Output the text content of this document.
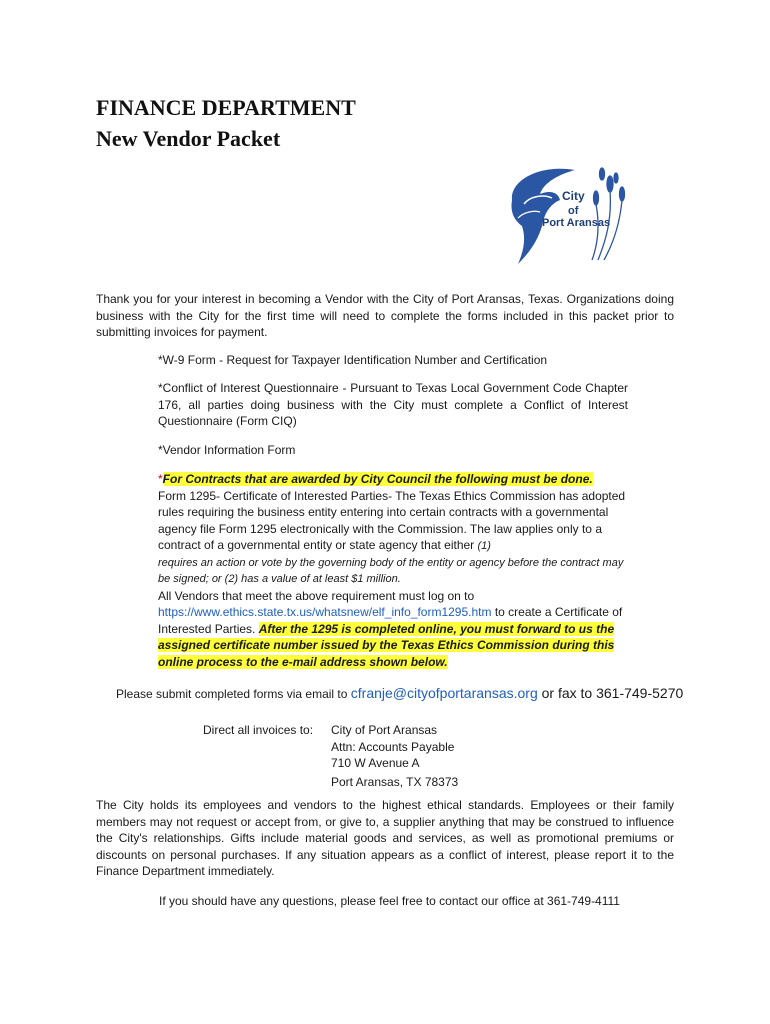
FINANCE DEPARTMENT
New Vendor Packet
City
of
Port Aransas
Thank you for your interest in becoming a Vendor with the City of Port Aransas, Texas. Organizations doing business with the City for the first time will need to complete the forms included in this packet prior to submitting invoices for payment.
*W-9 Form - Request for Taxpayer Identification Number and Certification
*Conflict of Interest Questionnaire - Pursuant to Texas Local Government Code Chapter 176, all parties doing business with the City must complete a Conflict of Interest Questionnaire (Form CIQ)
*Vendor Information Form
*For Contracts that are awarded by City Council the following must be done.
Form 1295- Certificate of Interested Parties- The Texas Ethics Commission has adopted rules requiring the business entity entering into certain contracts with a governmental agency file Form 1295 electronically with the Commission. The law applies only to a contract of a governmental entity or state agency that either (1)
requires an action or vote by the governing body of the entity or agency before the contract may be signed; or (2) has a value of at least $1 million.
All Vendors that meet the above requirement must log on to
https://www.ethics.state.tx.us/whatsnew/elf_info_form1295.htm to create a Certificate of Interested Parties. After the 1295 is completed online, you must forward to us the assigned certificate number issued by the Texas Ethics Commission during this online process to the e-mail address shown below.
Please submit completed forms via email to cfranje@cityofportaransas.org or fax to 361-749-5270
Direct all invoices to: City of Port Aransas
Attn: Accounts Payable
710 W Avenue A
Port Aransas, TX 78373
The City holds its employees and vendors to the highest ethical standards. Employees or their family members may not request or accept from, or give to, a supplier anything that may be construed to influence the City's relationships. Gifts include material goods and services, as well as promotional premiums or discounts on personal purchases. If any situation appears as a conflict of interest, please report it to the Finance Department immediately.
If you should have any questions, please feel free to contact our office at 361-749-4111
